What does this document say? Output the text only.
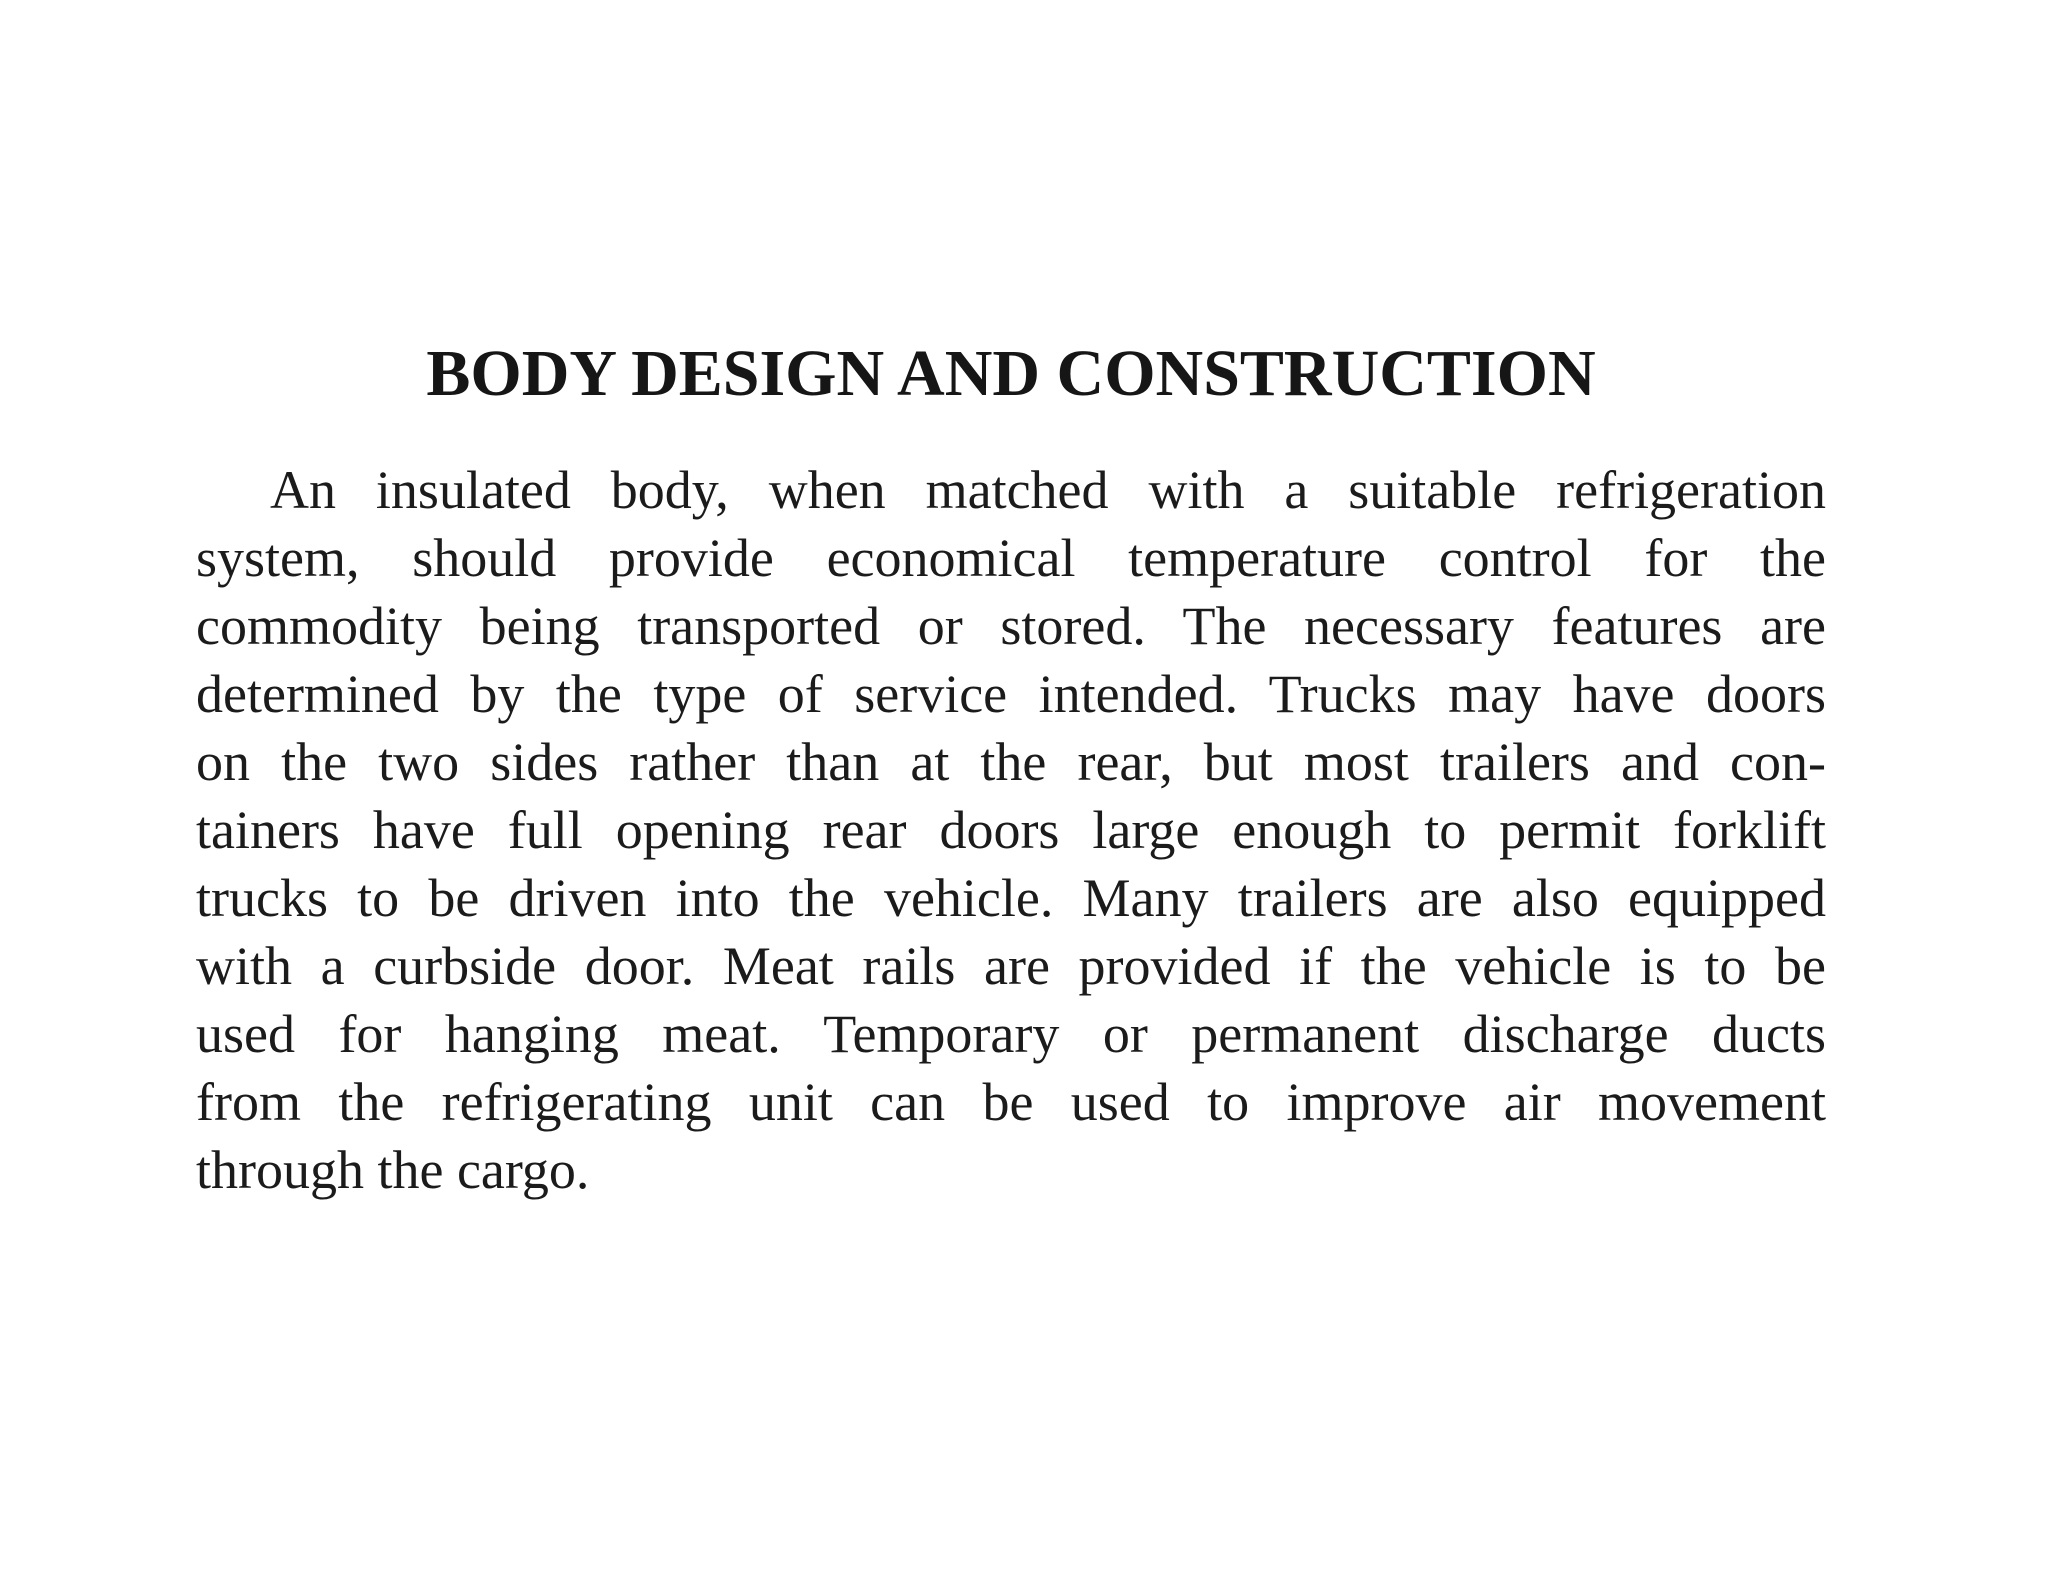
BODY DESIGN AND CONSTRUCTION
An insulated body, when matched with a suitable refrigeration
system, should provide economical temperature control for the
commodity being transported or stored. The necessary features are
determined by the type of service intended. Trucks may have doors
on the two sides rather than at the rear, but most trailers and con-
tainers have full opening rear doors large enough to permit forklift
trucks to be driven into the vehicle. Many trailers are also equipped
with a curbside door. Meat rails are provided if the vehicle is to be
used for hanging meat. Temporary or permanent discharge ducts
from the refrigerating unit can be used to improve air movement
through the cargo.
